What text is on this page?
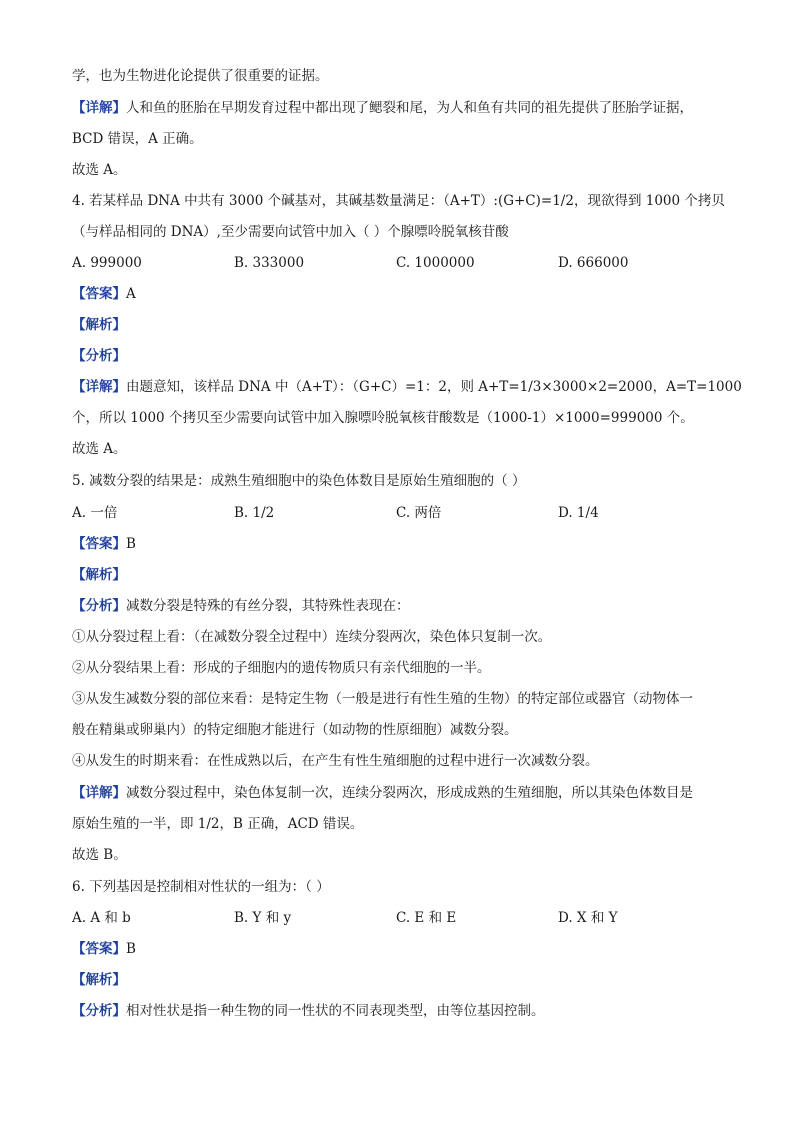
学，也为生物进化论提供了很重要的证据。
【详解】人和鱼的胚胎在早期发育过程中都出现了鳃裂和尾，为人和鱼有共同的祖先提供了胚胎学证据，
BCD 错误，A 正确。
故选 A。
4. 若某样品 DNA 中共有 3000 个碱基对，其碱基数量满足：（A+T）:(G+C)=1/2，现欲得到 1000 个拷贝
（与样品相同的 DNA）,至少需要向试管中加入（ ）个腺嘌呤脱氧核苷酸
A. 999000	B. 333000	C. 1000000	D. 666000
【答案】A
【解析】
【分析】
【详解】由题意知，该样品 DNA 中（A+T）：（G+C）=1：2，则 A+T=1/3×3000×2=2000，A=T=1000
个，所以 1000 个拷贝至少需要向试管中加入腺嘌呤脱氧核苷酸数是（1000-1）×1000=999000 个。
故选 A。
5. 减数分裂的结果是：成熟生殖细胞中的染色体数目是原始生殖细胞的（ ）
A. 一倍	B. 1/2	C. 两倍	D. 1/4
【答案】B
【解析】
【分析】减数分裂是特殊的有丝分裂，其特殊性表现在：
①从分裂过程上看：（在减数分裂全过程中）连续分裂两次，染色体只复制一次。
②从分裂结果上看：形成的子细胞内的遗传物质只有亲代细胞的一半。
③从发生减数分裂的部位来看：是特定生物（一般是进行有性生殖的生物）的特定部位或器官（动物体一
般在精巢或卵巢内）的特定细胞才能进行（如动物的性原细胞）减数分裂。
④从发生的时期来看：在性成熟以后，在产生有性生殖细胞的过程中进行一次减数分裂。
【详解】减数分裂过程中，染色体复制一次，连续分裂两次，形成成熟的生殖细胞，所以其染色体数目是
原始生殖的一半，即 1/2，B 正确，ACD 错误。
故选 B。
6. 下列基因是控制相对性状的一组为：（ ）
A. A 和 b	B. Y 和 y	C. E 和 E	D. X 和 Y
【答案】B
【解析】
【分析】相对性状是指一种生物的同一性状的不同表现类型，由等位基因控制。
